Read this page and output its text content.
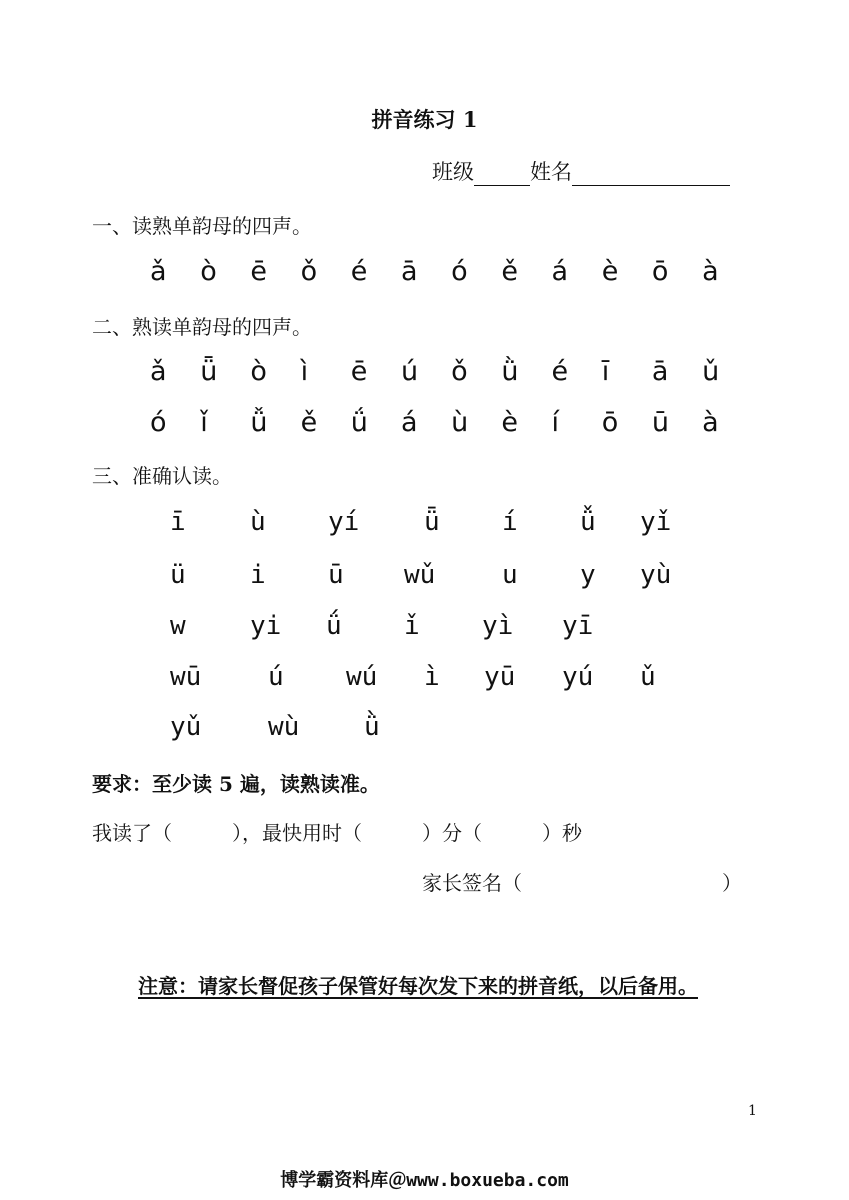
拼音练习 1
班级	姓名
一、读熟单韵母的四声。
ǎ ò ē ǒ é ā ó ě á è ō à
二、熟读单韵母的四声。
ǎ ǖ ò ì ē ú ǒ ǜ é ī ā ǔ
ó ǐ ǚ ě ǘ á ù è í ō ū à
三、准确认读。
ī ù yí ǖ í ǚ yǐ
ü i ū wǔ	u y yù
w yi ǘ ǐ yì yī
wū	ú wú ì yū yú ǔ
yǔ	wù ǜ
要求：至少读 5 遍，读熟读准。
我读了（　　　），最快用时（　　　）分（　　　）秒
家长签名（　　　　　　　　　　）
注意：请家长督促孩子保管好每次发下来的拼音纸，以后备用。
1
博学霸资料库＠www.boxueba.com
